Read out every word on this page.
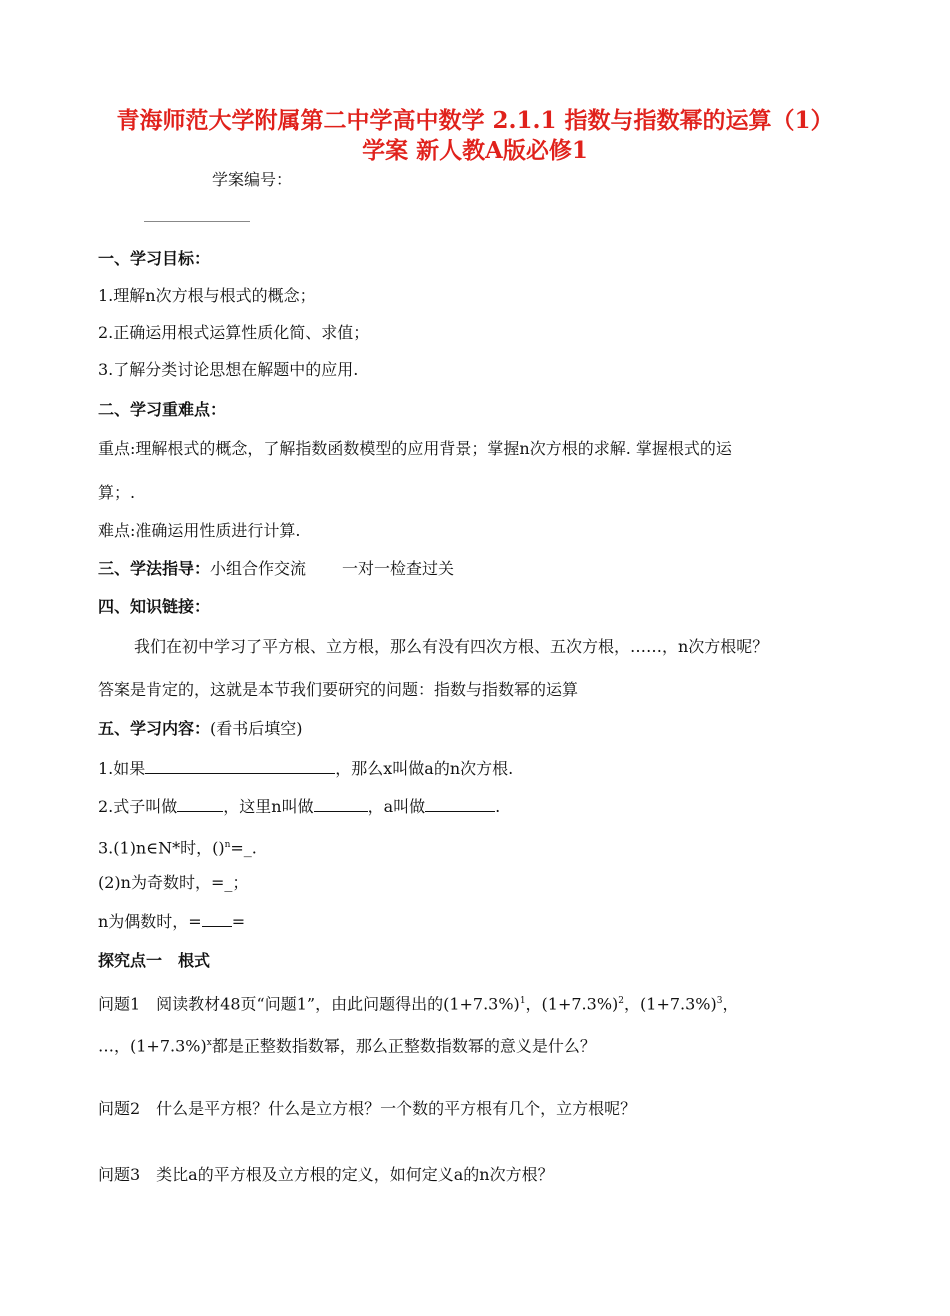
青海师范大学附属第二中学高中数学 2.1.1 指数与指数幂的运算（1）
学案 新人教A版必修1
学案编号：
一、学习目标：
1.理解n次方根与根式的概念；
2.正确运用根式运算性质化简、求值；
3.了解分类讨论思想在解题中的应用.
二、学习重难点：
重点:理解根式的概念，了解指数函数模型的应用背景；掌握n次方根的求解. 掌握根式的运
算；.
难点:准确运用性质进行计算.
三、学法指导：小组合作交流 一对一检查过关
四、知识链接：
我们在初中学习了平方根、立方根，那么有没有四次方根、五次方根，……，n次方根呢？
答案是肯定的，这就是本节我们要研究的问题：指数与指数幂的运算
五、学习内容：(看书后填空)
1.如果	，那么x叫做a的n次方根.
2.式子叫做	，这里n叫做	，a叫做	.
3.(1)n∈N*时，()$^n$=_.
(2)n为奇数时，=_；
n为偶数时，= =
探究点一　根式
问题1　阅读教材48页“问题1”，由此问题得出的$(1+7.3\%)^1$，$(1+7.3\%)^2$，$(1+7.3\%)^3$，
…，$(1+7.3\%)^x$都是正整数指数幂，那么正整数指数幂的意义是什么？
问题2　什么是平方根？什么是立方根？一个数的平方根有几个，立方根呢？
问题3　类比a的平方根及立方根的定义，如何定义a的n次方根？
